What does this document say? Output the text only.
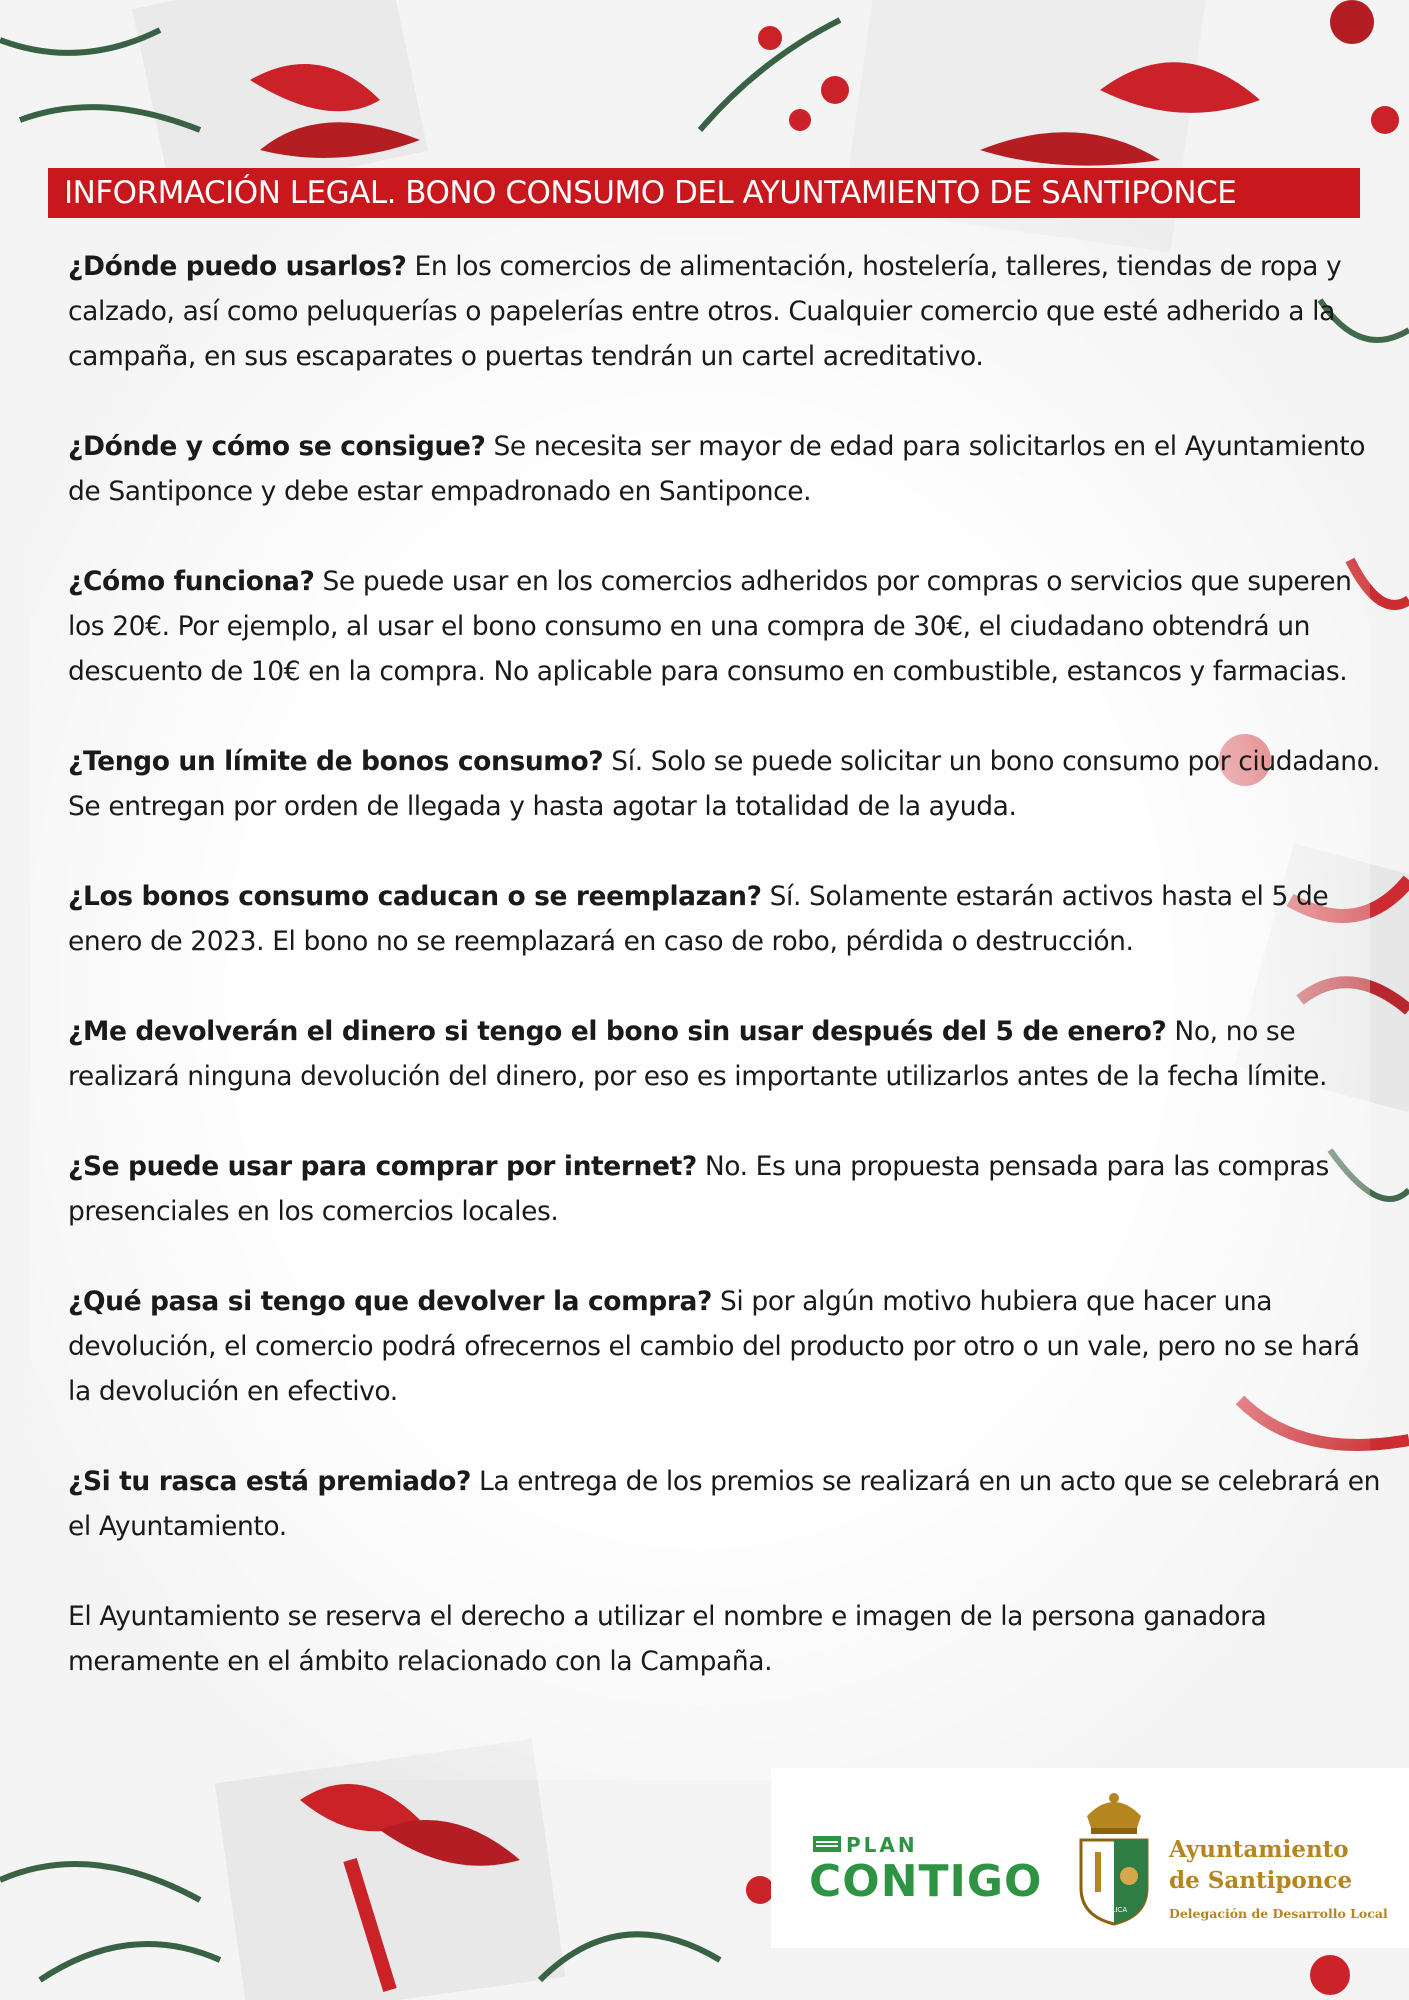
INFORMACIÓN LEGAL. BONO CONSUMO DEL AYUNTAMIENTO DE SANTIPONCE

¿Dónde puedo usarlos? En los comercios de alimentación, hostelería, talleres, tiendas de ropa y calzado, así como peluquerías o papelerías entre otros. Cualquier comercio que esté adherido a la campaña, en sus escaparates o puertas tendrán un cartel acreditativo.

¿Dónde y cómo se consigue? Se necesita ser mayor de edad para solicitarlos en el Ayuntamiento de Santiponce y debe estar empadronado en Santiponce.

¿Cómo funciona? Se puede usar en los comercios adheridos por compras o servicios que superen los 20€. Por ejemplo, al usar el bono consumo en una compra de 30€, el ciudadano obtendrá un descuento de 10€ en la compra. No aplicable para consumo en combustible, estancos y farmacias.

¿Tengo un límite de bonos consumo? Sí. Solo se puede solicitar un bono consumo por ciudadano. Se entregan por orden de llegada y hasta agotar la totalidad de la ayuda.

¿Los bonos consumo caducan o se reemplazan? Sí. Solamente estarán activos hasta el 5 de enero de 2023. El bono no se reemplazará en caso de robo, pérdida o destrucción.

¿Me devolverán el dinero si tengo el bono sin usar después del 5 de enero? No, no se realizará ninguna devolución del dinero, por eso es importante utilizarlos antes de la fecha límite.

¿Se puede usar para comprar por internet? No. Es una propuesta pensada para las compras presenciales en los comercios locales.

¿Qué pasa si tengo que devolver la compra? Si por algún motivo hubiera que hacer una devolución, el comercio podrá ofrecernos el cambio del producto por otro o un vale, pero no se hará la devolución en efectivo.

¿Si tu rasca está premiado? La entrega de los premios se realizará en un acto que se celebrará en el Ayuntamiento.

El Ayuntamiento se reserva el derecho a utilizar el nombre e imagen de la persona ganadora meramente en el ámbito relacionado con la Campaña.

PLAN
CONTIGO
ITÁLICA
Ayuntamiento
de Santiponce
Delegación de Desarrollo Local
